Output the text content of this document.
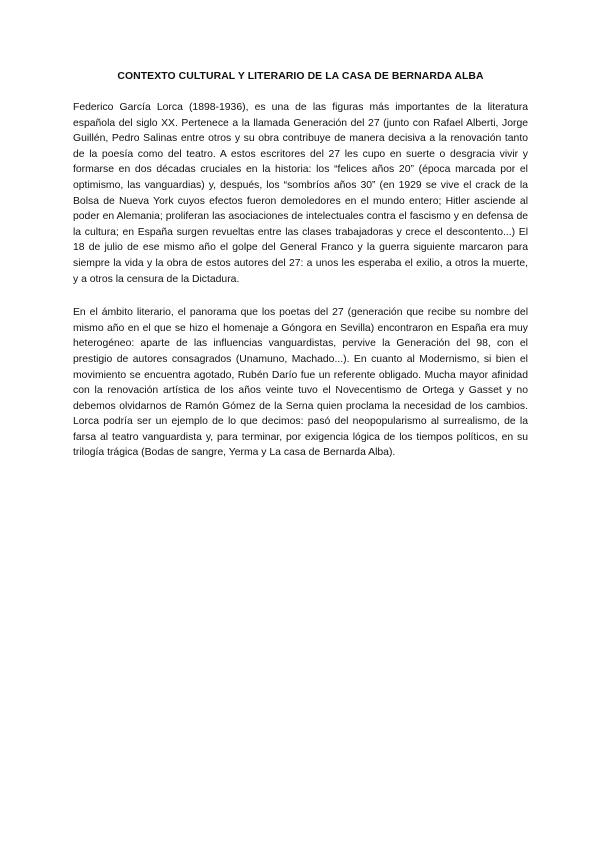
CONTEXTO CULTURAL Y LITERARIO DE LA CASA DE BERNARDA ALBA

Federico García Lorca (1898-1936), es una de las figuras más importantes de la literatura española del siglo XX. Pertenece a la llamada Generación del 27 (junto con Rafael Alberti, Jorge Guillén, Pedro Salinas entre otros y su obra contribuye de manera decisiva a la renovación tanto de la poesía como del teatro. A estos escritores del 27 les cupo en suerte o desgracia vivir y formarse en dos décadas cruciales en la historia: los “felices años 20” (época marcada por el optimismo, las vanguardias) y, después, los “sombríos años 30” (en 1929 se vive el crack de la Bolsa de Nueva York cuyos efectos fueron demoledores en el mundo entero; Hitler asciende al poder en Alemania; proliferan las asociaciones de intelectuales contra el fascismo y en defensa de la cultura; en España surgen revueltas entre las clases trabajadoras y crece el descontento...) El 18 de julio de ese mismo año el golpe del General Franco y la guerra siguiente marcaron para siempre la vida y la obra de estos autores del 27: a unos les esperaba el exilio, a otros la muerte, y a otros la censura de la Dictadura.

En el ámbito literario, el panorama que los poetas del 27 (generación que recibe su nombre del mismo año en el que se hizo el homenaje a Góngora en Sevilla) encontraron en España era muy heterogéneo: aparte de las influencias vanguardistas, pervive la Generación del 98, con el prestigio de autores consagrados (Unamuno, Machado...). En cuanto al Modernismo, si bien el movimiento se encuentra agotado, Rubén Darío fue un referente obligado. Mucha mayor afinidad con la renovación artística de los años veinte tuvo el Novecentismo de Ortega y Gasset y no debemos olvidarnos de Ramón Gómez de la Serna quien proclama la necesidad de los cambios. Lorca podría ser un ejemplo de lo que decimos: pasó del neopopularismo al surrealismo, de la farsa al teatro vanguardista y, para terminar, por exigencia lógica de los tiempos políticos, en su trilogía trágica (Bodas de sangre, Yerma y La casa de Bernarda Alba).
